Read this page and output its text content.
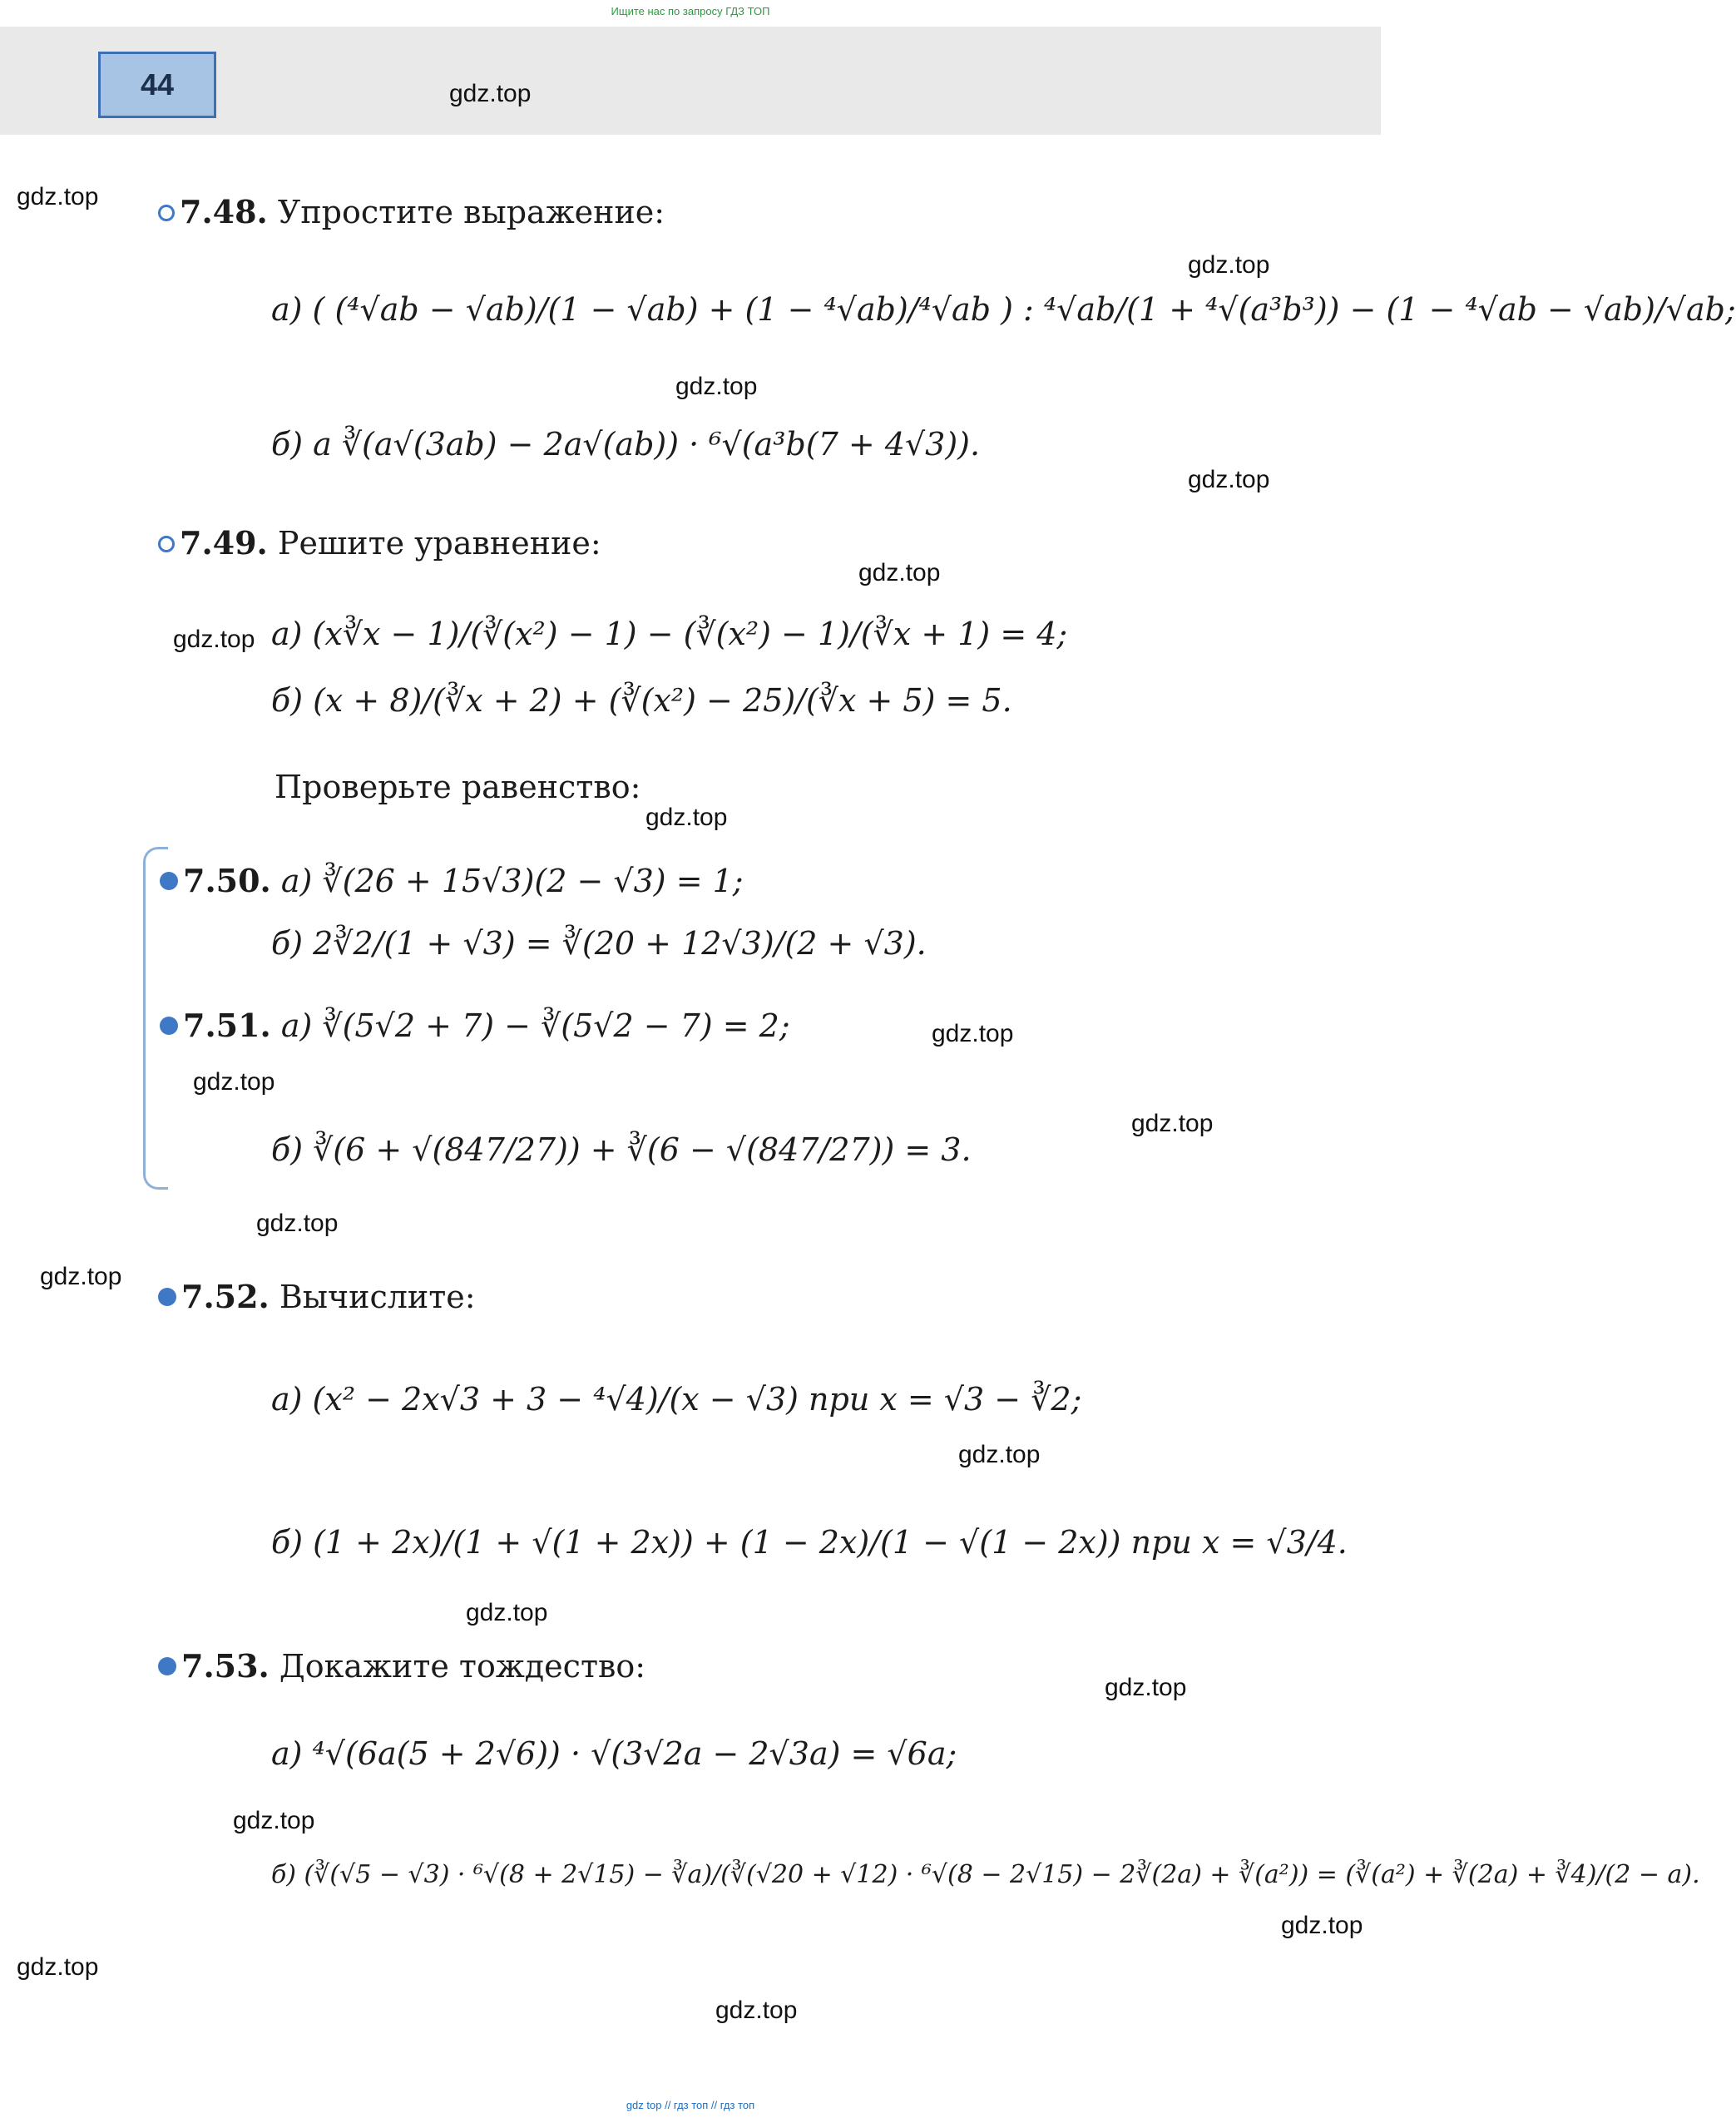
Ищите нас по запросу ГДЗ ТОП
44	gdz.top
gdz.top
gdz.top
gdz.top
gdz.top
gdz.top
gdz.top
gdz.top
gdz.top
gdz.top
gdz.top
gdz.top
gdz.top
gdz.top
gdz.top
gdz.top
gdz.top
gdz.top
gdz.top
gdz.top
7.48. Упростите выражение:
а) ( (⁴√ab − √ab)/(1 − √ab) + (1 − ⁴√ab)/⁴√ab ) : ⁴√ab/(1 + ⁴√(a³b³)) − (1 − ⁴√ab − √ab)/√ab;
б) a ∛(a√(3ab) − 2a√(ab)) · ⁶√(a³b(7 + 4√3)).
7.49. Решите уравнение:
а) (x∛x − 1)/(∛(x²) − 1) − (∛(x²) − 1)/(∛x + 1) = 4;
б) (x + 8)/(∛x + 2) + (∛(x²) − 25)/(∛x + 5) = 5.
Проверьте равенство:
7.50. а) ∛(26 + 15√3)(2 − √3) = 1;
б) 2∛2/(1 + √3) = ∛(20 + 12√3)/(2 + √3).
7.51. а) ∛(5√2 + 7) − ∛(5√2 − 7) = 2;
б) ∛(6 + √(847/27)) + ∛(6 − √(847/27)) = 3.
7.52. Вычислите:
а) (x² − 2x√3 + 3 − ⁴√4)/(x − √3) при x = √3 − ∛2;
б) (1 + 2x)/(1 + √(1 + 2x)) + (1 − 2x)/(1 − √(1 − 2x)) при x = √3/4.
7.53. Докажите тождество:
а) ⁴√(6a(5 + 2√6)) · √(3√2a − 2√3a) = √6a;
б) (∛(√5 − √3) · ⁶√(8 + 2√15) − ∛a)/(∛(√20 + √12) · ⁶√(8 − 2√15) − 2∛(2a) + ∛(a²)) = (∛(a²) + ∛(2a) + ∛4)/(2 − a).
gdz top // гдз топ // гдз топ
